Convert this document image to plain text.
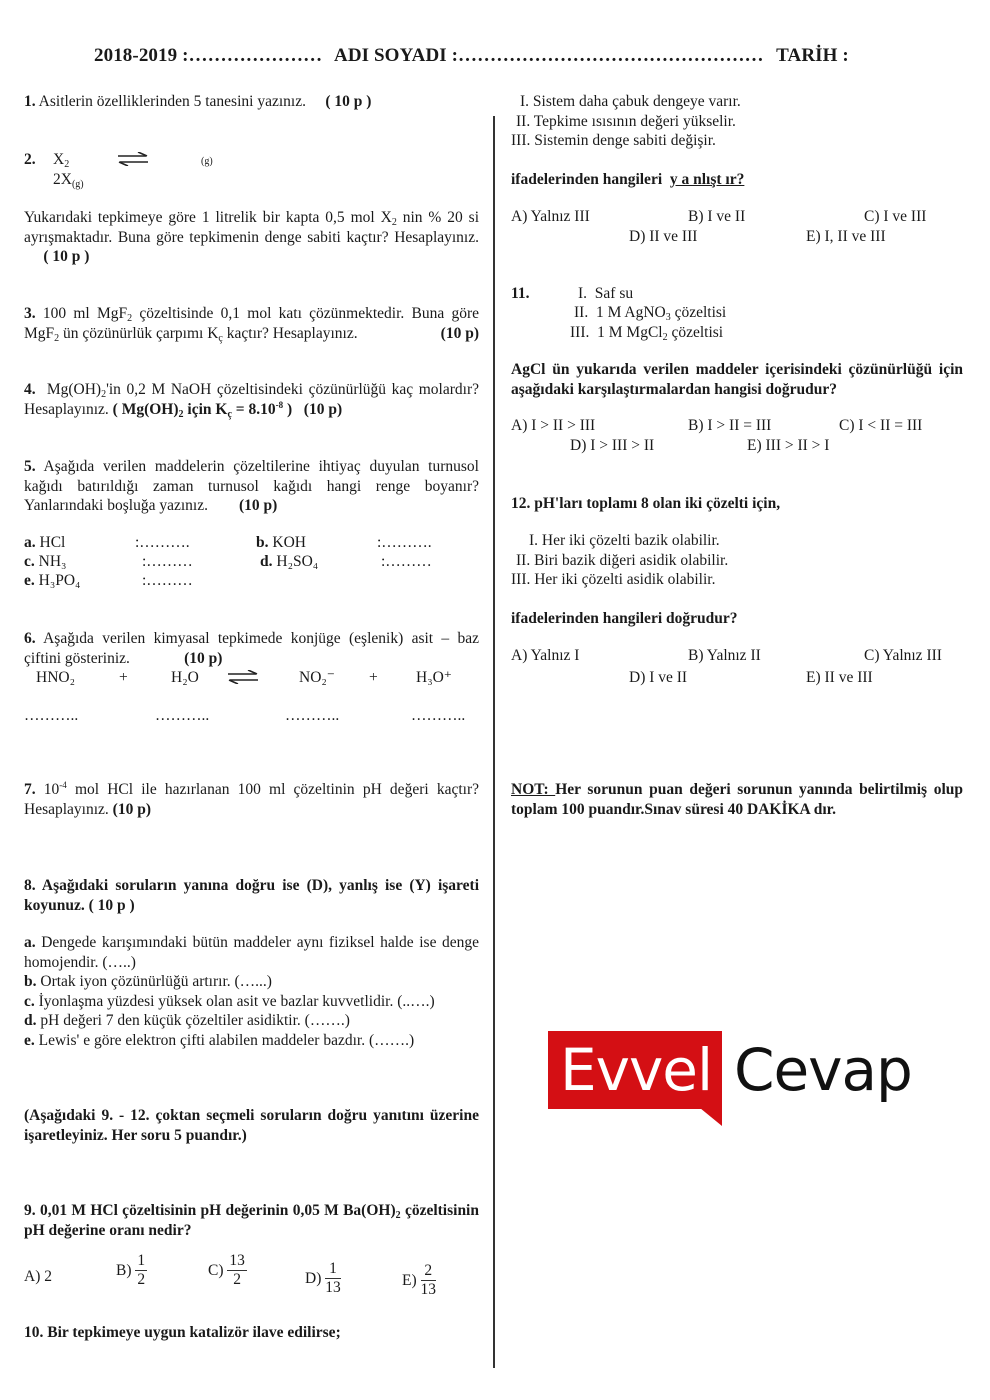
2018-2019 :………………… ADI SOYADI :………………………………………… TARİH :
1. Asitlerin özelliklerinden 5 tanesini yazınız. ( 10 p )
2. $X_2$	(g)
$2X_{(g)}$
Yukarıdaki tepkimeye göre 1 litrelik bir kapta 0,5 mol $X_2$ nin % 20 si ayrışmaktadır. Buna göre tepkimenin denge sabiti kaçtır? Hesaplayınız.      ( 10 p )
3. 100 ml MgF$_2$ çözeltisinde 0,1 mol katı çözünmektedir. Buna göre MgF$_2$ ün çözünürlük çarpımı $K_ç$ kaçtır? Hesaplayınız.	(10 p)
4. $Mg(OH)_2'in$ 0,2 M NaOH çözeltisindeki çözünürlüğü kaç molardır? Hesaplayınız. ( $Mg(OH)_2$ için $K_ç = 8.10^{-8}$ ) (10 p)
5. Aşağıda verilen maddelerin çözeltilerine ihtiyaç duyulan turnusol kağıdı batırıldığı zaman turnusol kağıdı hangi renge boyanır? Yanlarındaki boşluğa yazınız. (10 p)
a. HCl	:……….	b. KOH	:……….
c. NH₃	:………	d. H₂SO₄	:………
e. H₃PO₄	:………
6. Aşağıda verilen kimyasal tepkimede konjüge (eşlenik) asit – baz çiftini gösteriniz.	(10 p)
HNO₂	+	H₂O	NO₂⁻ + H₃O⁺
………..	………..	………..	………..
7. $10^{-4}$ mol HCl ile hazırlanan 100 ml çözeltinin pH değeri kaçtır? Hesaplayınız. (10 p)
8. Aşağıdaki soruların yanına doğru ise (D), yanlış ise (Y) işareti koyunuz. ( 10 p )
a. Dengede karışımındaki bütün maddeler aynı fiziksel halde ise denge homojendir. (…..)
b. Ortak iyon çözünürlüğü artırır. (…...)
c. İyonlaşma yüzdesi yüksek olan asit ve bazlar kuvvetlidir. (..….)
d. pH değeri 7 den küçük çözeltiler asidiktir. (…….)
e. Lewis' e göre elektron çifti alabilen maddeler bazdır. (…….)
(Aşağıdaki 9. - 12. çoktan seçmeli soruların doğru yanıtını üzerine işaretleyiniz. Her soru 5 puandır.)
9. 0,01 M HCl çözeltisinin pH değerinin 0,05 M $Ba(OH)_2$ çözeltisinin pH değerine oranı nedir?
A) 2	$B) \frac{1}{2}$	$C) \frac{13}{2}$	$D) \frac{1}{13}$	$E) \frac{2}{13}$
10. Bir tepkimeye uygun katalizör ilave edilirse;
I. Sistem daha çabuk dengeye varır.
II. Tepkime ısısının değeri yükselir.
III. Sistemin denge sabiti değişir.
ifadelerinden hangileri y a nlışt ır?
A) Yalnız III	B) I ve II	C) I ve III
D) II ve III	E) I, II ve III
11.	I. Saf su
II. 1 M AgNO$_3$ çözeltisi
III. 1 M MgCl$_2$ çözeltisi
AgCl ün yukarıda verilen maddeler içerisindeki çözünürlüğü için aşağıdaki karşılaştırmalardan hangisi doğrudur?
A) I > II > III	B) I > II = III	C) I < II = III
D) I > III > II	E) III > II > I
12. pH'ları toplamı 8 olan iki çözelti için,
I. Her iki çözelti bazik olabilir.
II. Biri bazik diğeri asidik olabilir.
III. Her iki çözelti asidik olabilir.
ifadelerinden hangileri doğrudur?
A) Yalnız I	B) Yalnız II	C) Yalnız III
D) I ve II	E) II ve III
NOT: Her sorunun puan değeri sorunun yanında belirtilmiş olup toplam 100 puandır.Sınav süresi 40 DAKİKA dır.
Evvel Cevap
